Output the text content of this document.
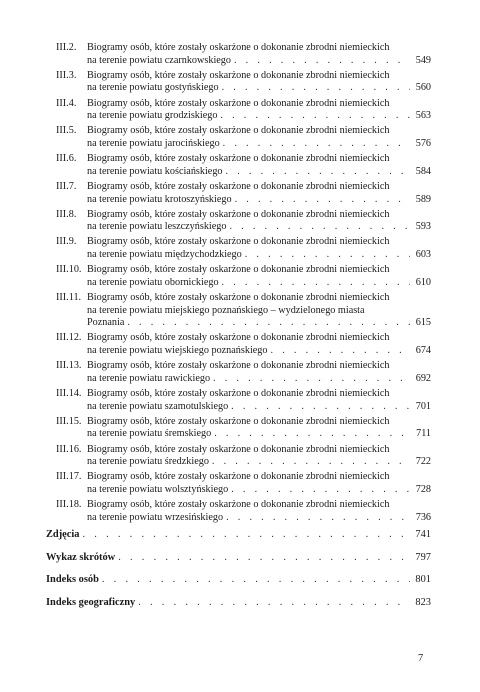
III.2. Biogramy osób, które zostały oskarżone o dokonanie zbrodni niemieckich
na terenie powiatu czarnkowskiego . . .	549
III.3. Biogramy osób, które zostały oskarżone o dokonanie zbrodni niemieckich
na terenie powiatu gostyńskiego . . .	560
III.4. Biogramy osób, które zostały oskarżone o dokonanie zbrodni niemieckich
na terenie powiatu grodziskiego . . .	563
III.5. Biogramy osób, które zostały oskarżone o dokonanie zbrodni niemieckich
na terenie powiatu jarocińskiego . . .	576
III.6. Biogramy osób, które zostały oskarżone o dokonanie zbrodni niemieckich
na terenie powiatu kościańskiego . . .	584
III.7. Biogramy osób, które zostały oskarżone o dokonanie zbrodni niemieckich
na terenie powiatu krotoszyńskiego . . .	589
III.8. Biogramy osób, które zostały oskarżone o dokonanie zbrodni niemieckich
na terenie powiatu leszczyńskiego . . .	593
III.9. Biogramy osób, które zostały oskarżone o dokonanie zbrodni niemieckich
na terenie powiatu międzychodzkiego . . .	603
III.10. Biogramy osób, które zostały oskarżone o dokonanie zbrodni niemieckich
na terenie powiatu obornickiego . . .	610
III.11. Biogramy osób, które zostały oskarżone o dokonanie zbrodni niemieckich
na terenie powiatu miejskiego poznańskiego – wydzielonego miasta
Poznania . . .	615
III.12. Biogramy osób, które zostały oskarżone o dokonanie zbrodni niemieckich
na terenie powiatu wiejskiego poznańskiego . . .	674
III.13. Biogramy osób, które zostały oskarżone o dokonanie zbrodni niemieckich
na terenie powiatu rawickiego . . .	692
III.14. Biogramy osób, które zostały oskarżone o dokonanie zbrodni niemieckich
na terenie powiatu szamotulskiego . . .	701
III.15. Biogramy osób, które zostały oskarżone o dokonanie zbrodni niemieckich
na terenie powiatu śremskiego . . .	711
III.16. Biogramy osób, które zostały oskarżone o dokonanie zbrodni niemieckich
na terenie powiatu średzkiego . . .	722
III.17. Biogramy osób, które zostały oskarżone o dokonanie zbrodni niemieckich
na terenie powiatu wolsztyńskiego . . .	728
III.18. Biogramy osób, które zostały oskarżone o dokonanie zbrodni niemieckich
na terenie powiatu wrzesińskiego . . .	736
Zdjęcia . . .	741
Wykaz skrótów . . .	797
Indeks osób . . .	801
Indeks geograficzny . . .	823
7
